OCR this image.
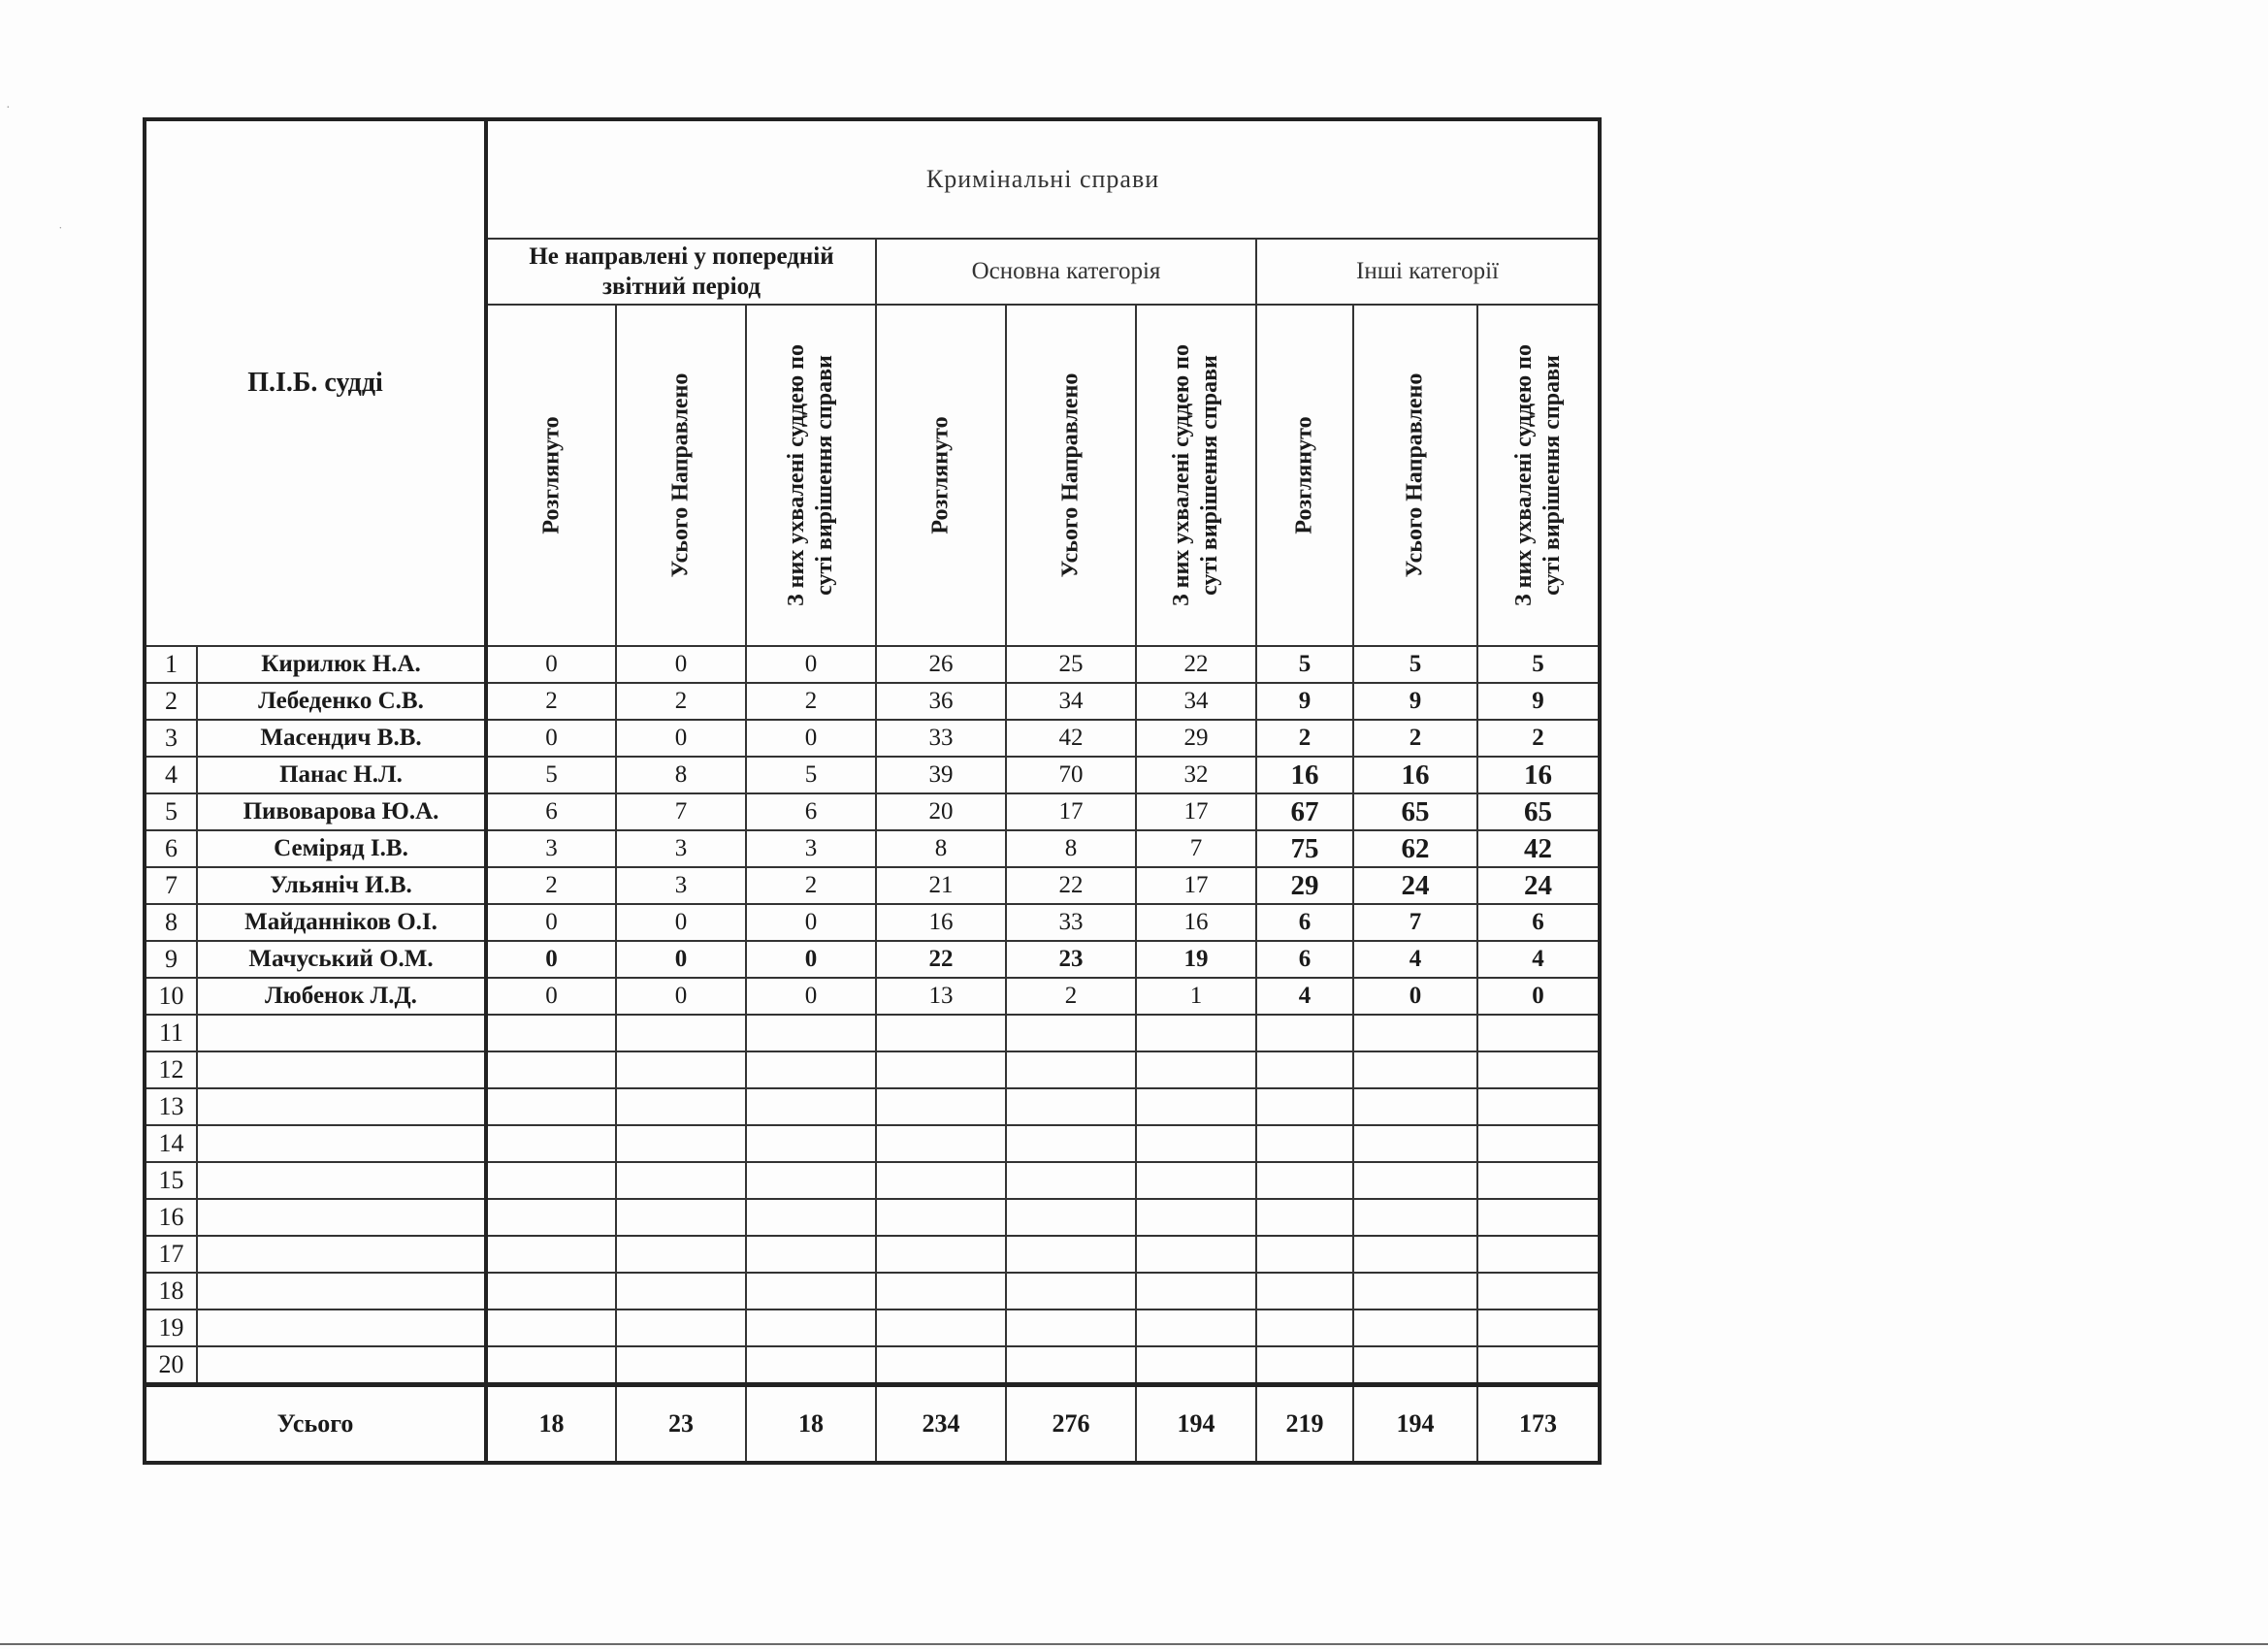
·
˙
П.І.Б. судді		Кримінальні справи								
		Не направлені у попередній
звітний період			Основна категорія			Інші категорії		

		Розглянуто	Усього Направлено	З них ухвалені суддею по суті вирішення справи	Розглянуто	Усього Направлено	З них ухвалені суддею по суті вирішення справи	Розглянуто	Усього Направлено	З них ухвалені суддею по суті вирішення справи

1	Кирилюк Н.А.	0	0	0	26	25	22	5	5	5
2	Лебеденко С.В.	2	2	2	36	34	34	9	9	9
3	Масендич В.В.	0	0	0	33	42	29	2	2	2
4	Панас Н.Л.	5	8	5	39	70	32	16	16	16
5	Пивоварова Ю.А.	6	7	6	20	17	17	67	65	65
6	Семіряд І.В.	3	3	3	8	8	7	75	62	42
7	Ульяніч И.В.	2	3	2	21	22	17	29	24	24
8	Майданніков О.І.	0	0	0	16	33	16	6	7	6
9	Мачуський О.М.	0	0	0	22	23	19	6	4	4
10	Любенок Л.Д.	0	0	0	13	2	1	4	0	0
11										
12										
13										
14										
15										
16										
17										
18										
19										
20										
Усього		18	23	18	234	276	194	219	194	173
